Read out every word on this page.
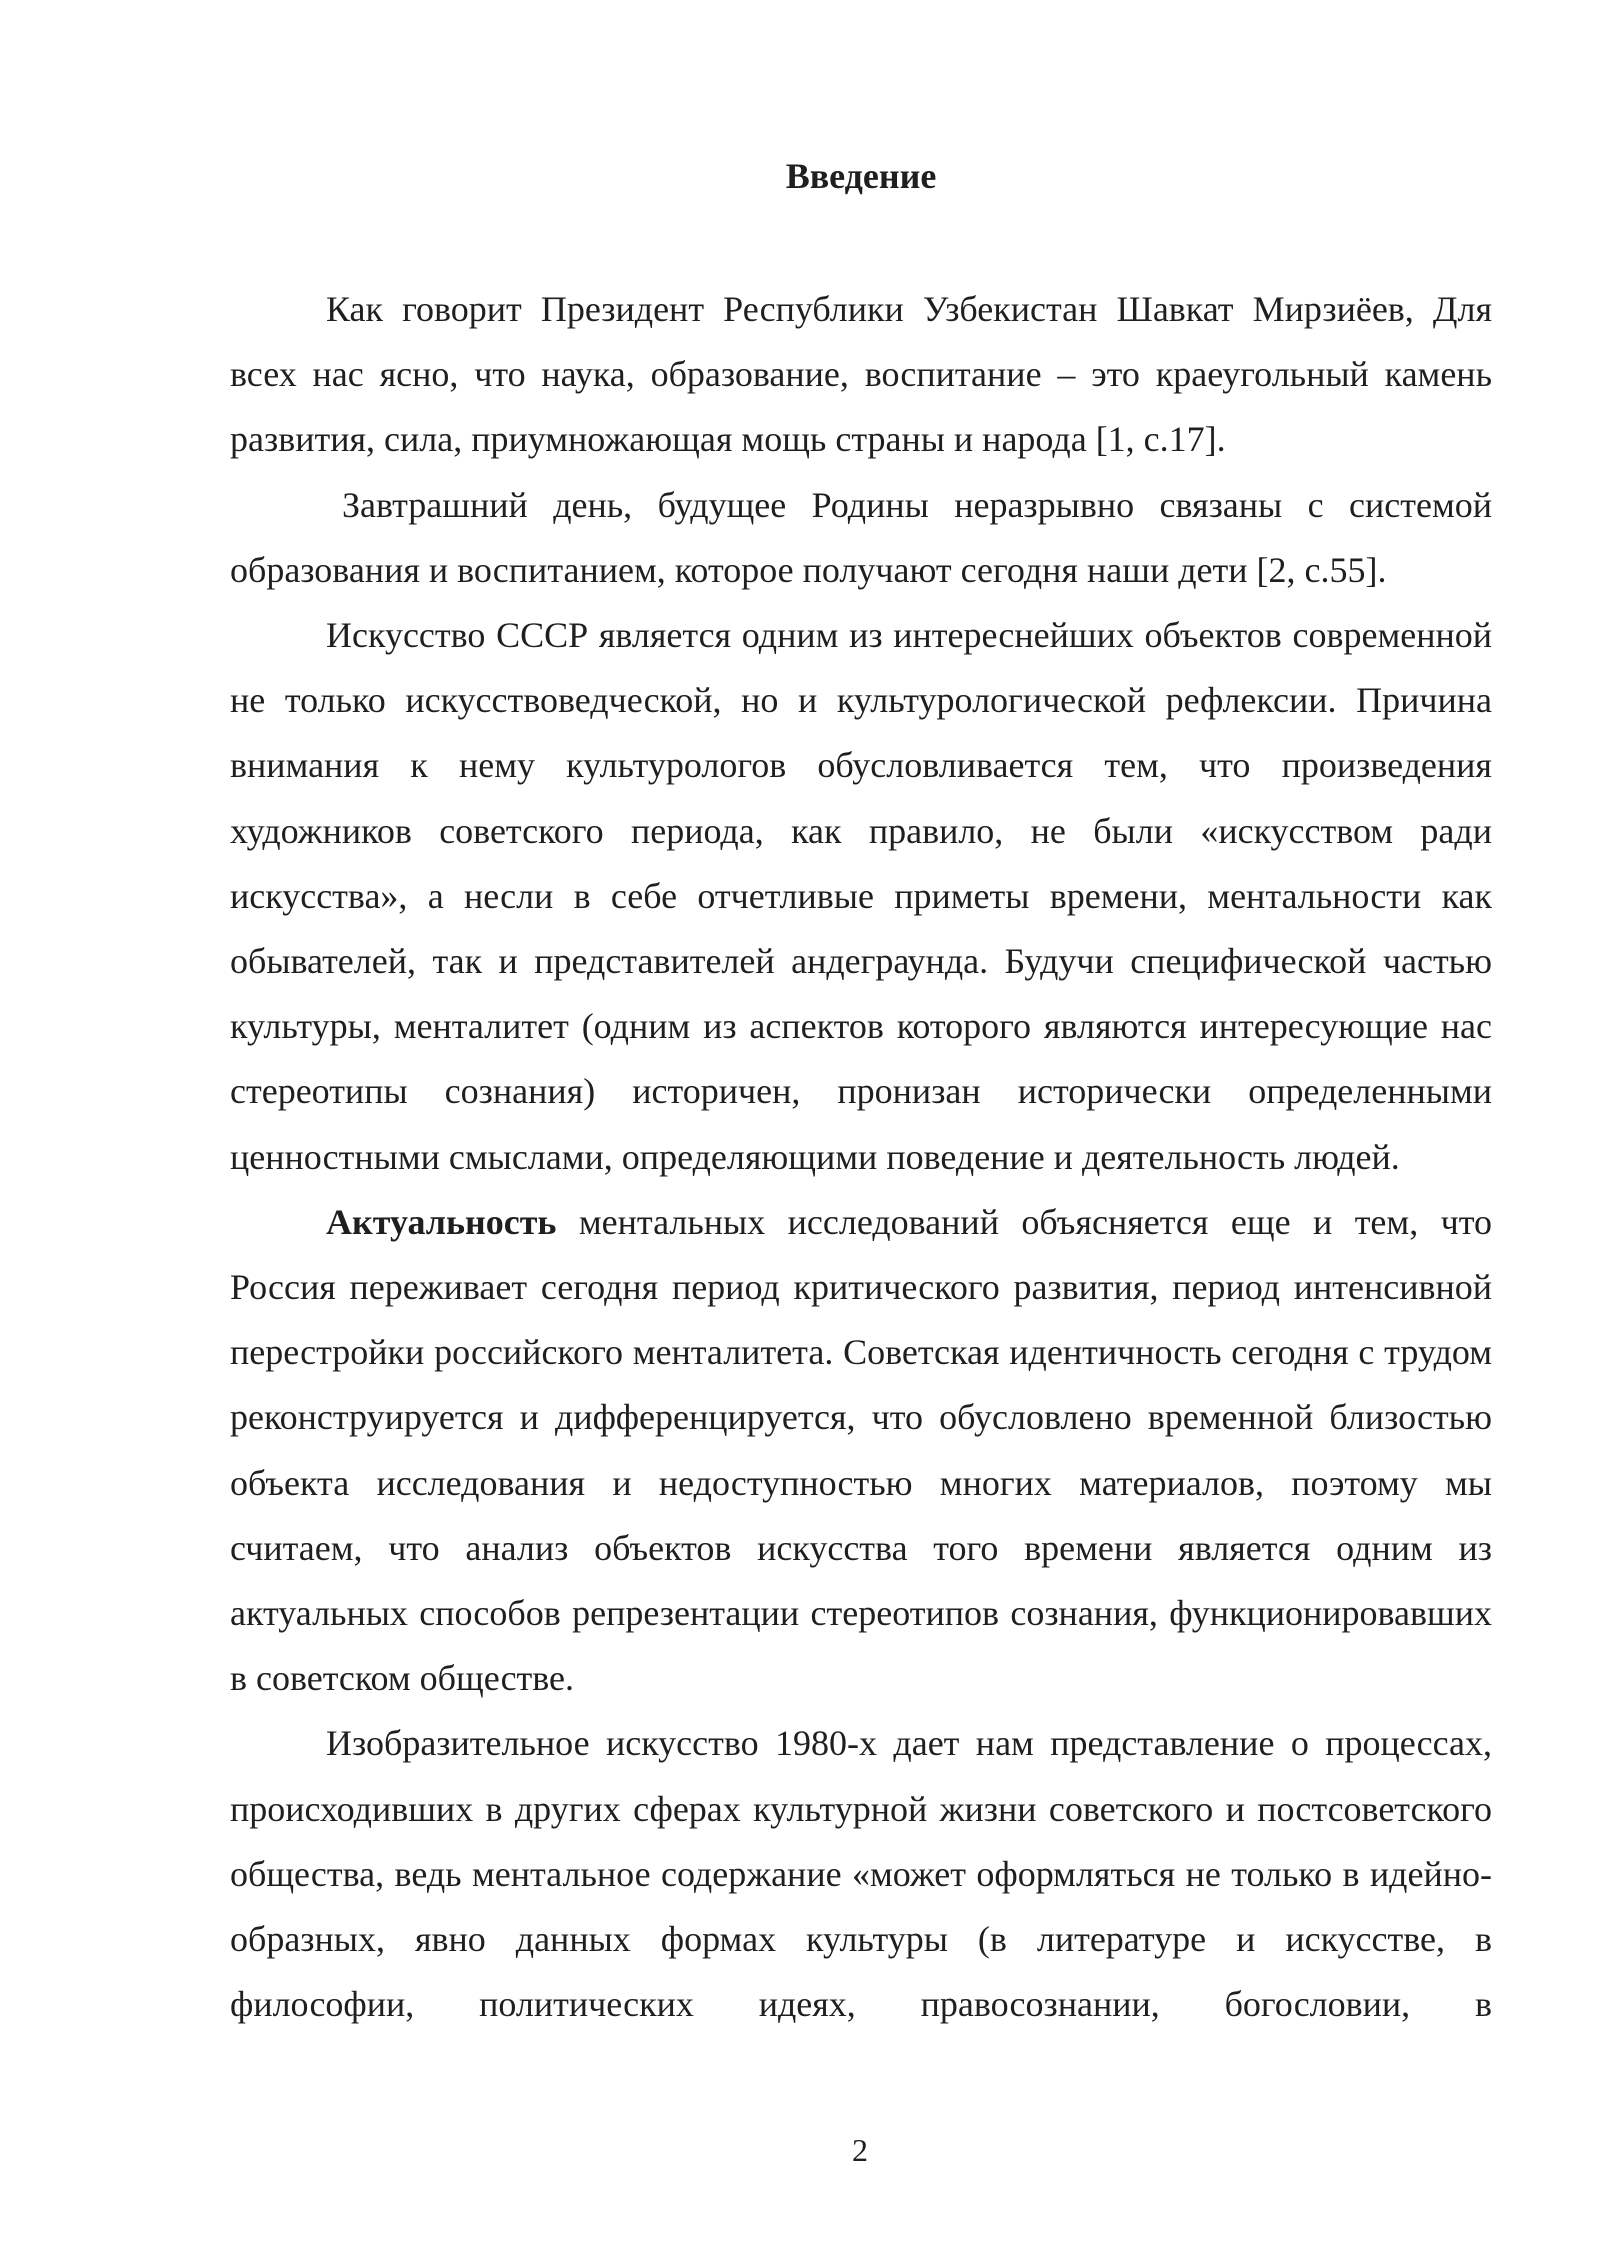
Введение

Как говорит Президент Республики Узбекистан Шавкат Мирзиёев, Для всех нас ясно, что наука, образование, воспитание – это краеугольный камень развития, сила, приумножающая мощь страны и народа [1, с.17].

Завтрашний день, будущее Родины неразрывно связаны с системой образования и воспитанием, которое получают сегодня наши дети [2, с.55].

Искусство СССР является одним из интереснейших объектов современной не только искусствоведческой, но и культурологической рефлексии. Причина внимания к нему культурологов обусловливается тем, что произведения художников советского периода, как правило, не были «искусством ради искусства», а несли в себе отчетливые приметы времени, ментальности как обывателей, так и представителей андеграунда. Будучи специфической частью культуры, менталитет (одним из аспектов которого являются интересующие нас стереотипы сознания) историчен, пронизан исторически определенными ценностными смыслами, определяющими поведение и деятельность людей.

Актуальность ментальных исследований объясняется еще и тем, что Россия переживает сегодня период критического развития, период интенсивной перестройки российского менталитета. Советская идентичность сегодня с трудом реконструируется и дифференцируется, что обусловлено временной близостью объекта исследования и недоступностью многих материалов, поэтому мы считаем, что анализ объектов искусства того времени является одним из актуальных способов репрезентации стереотипов сознания, функционировавших в советском обществе.

Изобразительное искусство 1980-х дает нам представление о процессах, происходивших в других сферах культурной жизни советского и постсоветского общества, ведь ментальное содержание «может оформляться не только в идейно-образных, явно данных формах культуры (в литературе и искусстве, в философии, политических идеях, правосознании, богословии, в

2
